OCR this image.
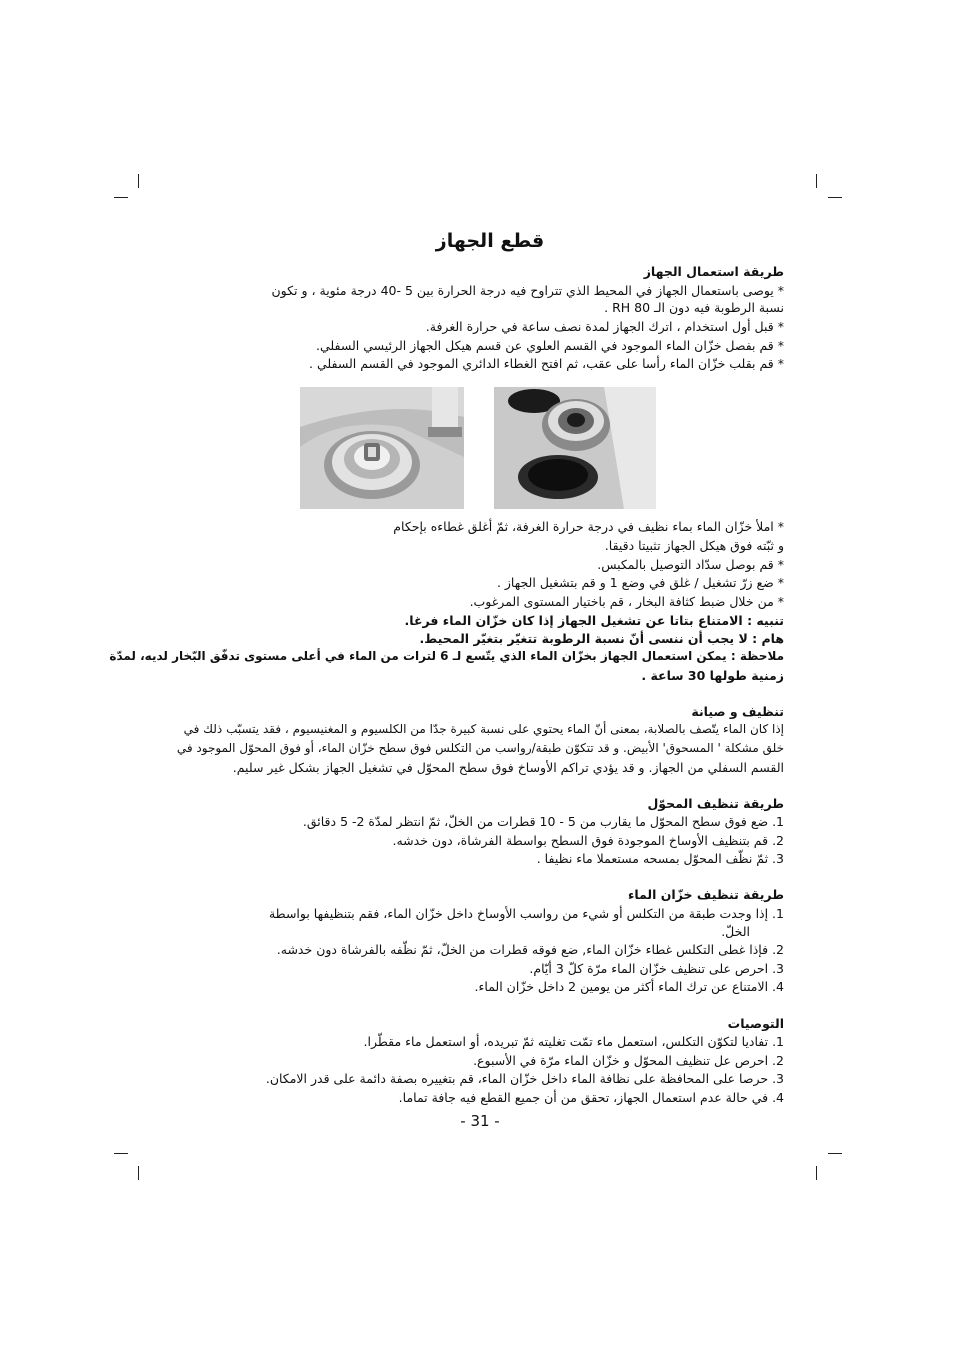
قطع الجهاز
طريقة استعمال الجهاز
* يوصى باستعمال الجهاز في المحيط الذي تتراوح فيه درجة الحرارة بين 5 -40 درجة مئوية ، و تكون
نسبة الرطوبة فيه دون الـ 80 RH .
* قبل أول استخدام ، اترك الجهاز لمدة نصف ساعة في حرارة الغرفة.
* قم بفصل خزّان الماء الموجود في القسم العلوي عن قسم هيكل الجهاز الرئيسي السفلي.
* قم بقلب خزّان الماء رأسا على عقب، ثم افتح الغطاء الدائري الموجود في القسم السفلي .
* املأ خزّان الماء بماء نظيف في درجة حرارة الغرفة، ثمّ أغلق غطاءه بإحكام
و ثبّته فوق هيكل الجهاز تثبيتا دقيقا.
* قم بوصل سدّاد التوصيل بالمكبس.
* ضع زرّ تشغيل / غلق في وضع 1 و قم بتشغيل الجهاز .
* من خلال ضبط كثافة البخار ، قم باختيار المستوى المرغوب.
تنبيه : الامتناع بتاتا عن تشغيل الجهاز إذا كان خزّان الماء فرغا.
هام : لا يجب أن ننسى أنّ نسبة الرطوبة تتغيّر بتغيّر المحيط.
ملاحظة : يمكن استعمال الجهاز بخزّان الماء الذي يتّسع لـ 6 لترات من الماء في أعلى مستوى تدفّق البّخار لديه، لمدّة
زمنية طولها 30 ساعة .
تنظيف و صيانة
إذا كان الماء يتّصف بالصلابة، بمعنى أنّ الماء يحتوي على نسبة كبيرة جدّا من الكلسيوم و المغنيسيوم ، فقد يتسبّب ذلك في
خلق مشكلة ' المسحوق' الأبيض. و قد تتكوّن طبقة/رواسب من التكلس فوق سطح خزّان الماء، أو فوق المحوّل الموجود في
القسم السفلي من الجهاز. و قد يؤدي تراكم الأوساخ فوق سطح المحوّل في تشغيل الجهاز بشكل غير سليم.
طريقة تنظيف المحوّل
1. ضع فوق سطح المحوّل ما يقارب من 5 - 10 قطرات من الخلّ، ثمّ انتظر لمدّة 2- 5 دقائق.
2. قم بتنظيف الأوساخ الموجودة فوق السطح بواسطة الفرشاة، دون خدشه.
3. ثمّ نظّف المحوّل بمسحه مستعملا ماء نظيفا .
طريقة تنظيف خزّان الماء
1. إذا وجدت طبقة من التكلس أو شيء من رواسب الأوساخ داخل خزّان الماء، فقم بتنظيفها بواسطة
الخلّ.
2. فإذا غطى التكلس غطاء خزّان الماء, ضع فوقه قطرات من الخلّ، ثمّ نظّفه بالفرشاة دون خدشه.
3. احرص على تنظيف خزّان الماء مرّة كلّ 3 أيّام.
4. الامتناع عن ترك الماء أكثر من يومين 2 داخل خزّان الماء.
التوصيات
1. تفاديا لتكوّن التكلس، استعمل ماء تمّت تغليته ثمّ تبريده، أو استعمل ماء مقطّرا.
2. احرص عل تنظيف المحوّل و خزّان الماء مرّة في الأسبوع.
3. حرصا على المحافظة على نظافة الماء داخل خزّان الماء، قم بتغييره بصفة دائمة على قدر الامكان.
4. في حالة عدم استعمال الجهاز، تحقق من أن جميع القطع فيه جافة تماما.
- 31 -
